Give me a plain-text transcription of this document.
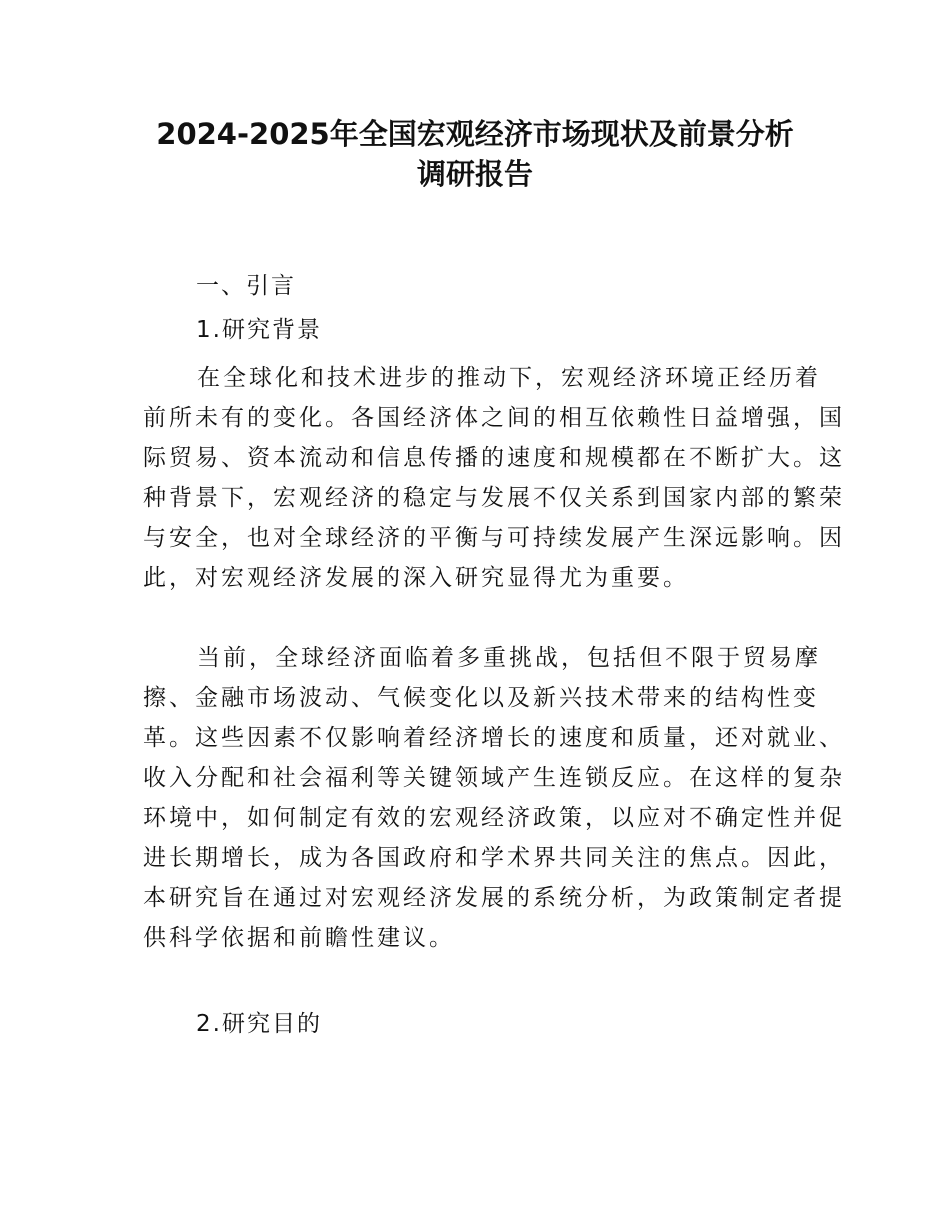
2024-2025年全国宏观经济市场现状及前景分析
调研报告
一、引言
1.研究背景
在全球化和技术进步的推动下，宏观经济环境正经历着
前所未有的变化。各国经济体之间的相互依赖性日益增强，国
际贸易、资本流动和信息传播的速度和规模都在不断扩大。这
种背景下，宏观经济的稳定与发展不仅关系到国家内部的繁荣
与安全，也对全球经济的平衡与可持续发展产生深远影响。因
此，对宏观经济发展的深入研究显得尤为重要。
当前，全球经济面临着多重挑战，包括但不限于贸易摩
擦、金融市场波动、气候变化以及新兴技术带来的结构性变
革。这些因素不仅影响着经济增长的速度和质量，还对就业、
收入分配和社会福利等关键领域产生连锁反应。在这样的复杂
环境中，如何制定有效的宏观经济政策，以应对不确定性并促
进长期增长，成为各国政府和学术界共同关注的焦点。因此，
本研究旨在通过对宏观经济发展的系统分析，为政策制定者提
供科学依据和前瞻性建议。
2.研究目的
